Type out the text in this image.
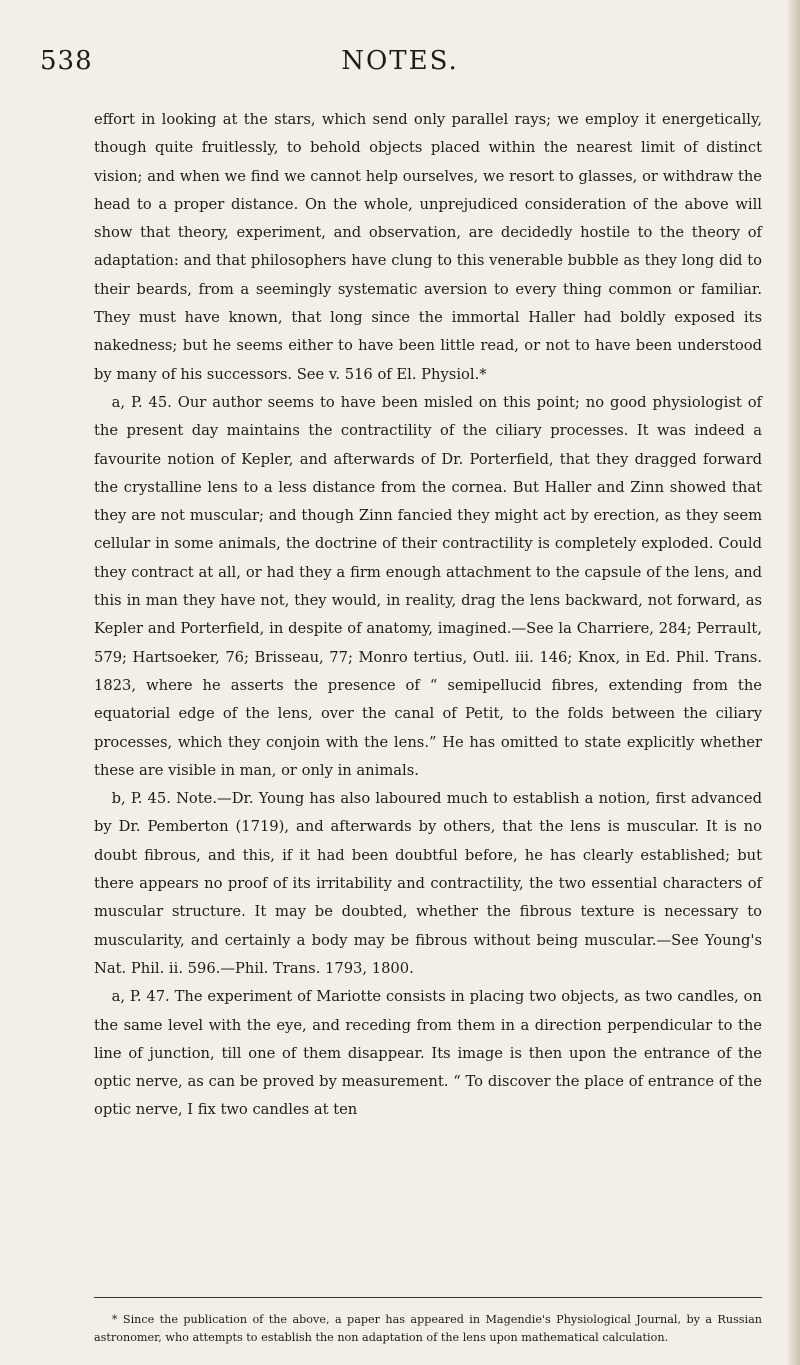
NOTES.
538

effort in looking at the stars, which send only parallel rays; we employ it energetically, though quite fruitlessly, to behold objects placed within the nearest limit of distinct vision; and when we find we cannot help ourselves, we resort to glasses, or withdraw the head to a proper distance. On the whole, unprejudiced consideration of the above will show that theory, experiment, and observation, are decidedly hostile to the theory of adaptation: and that philosophers have clung to this venerable bubble as they long did to their beards, from a seemingly systematic aversion to every thing common or familiar. They must have known, that long since the immortal Haller had boldly exposed its nakedness; but he seems either to have been little read, or not to have been understood by many of his successors. See v. 516 of El. Physiol.*

a, P. 45. Our author seems to have been misled on this point; no good physiologist of the present day maintains the contractility of the ciliary processes. It was indeed a favourite notion of Kepler, and afterwards of Dr. Porterfield, that they dragged forward the crystalline lens to a less distance from the cornea. But Haller and Zinn showed that they are not muscular; and though Zinn fancied they might act by erection, as they seem cellular in some animals, the doctrine of their contractility is completely exploded. Could they contract at all, or had they a firm enough attachment to the capsule of the lens, and this in man they have not, they would, in reality, drag the lens backward, not forward, as Kepler and Porterfield, in despite of anatomy, imagined.—See la Charriere, 284; Perrault, 579; Hartsoeker, 76; Brisseau, 77; Monro tertius, Outl. iii. 146; Knox, in Ed. Phil. Trans. 1823, where he asserts the presence of “ semipellucid fibres, extending from the equatorial edge of the lens, over the canal of Petit, to the folds between the ciliary processes, which they conjoin with the lens.” He has omitted to state explicitly whether these are visible in man, or only in animals.

b, P. 45. Note.—Dr. Young has also laboured much to establish a notion, first advanced by Dr. Pemberton (1719), and afterwards by others, that the lens is muscular. It is no doubt fibrous, and this, if it had been doubtful before, he has clearly established; but there appears no proof of its irritability and contractility, the two essential characters of muscular structure. It may be doubted, whether the fibrous texture is necessary to muscularity, and certainly a body may be fibrous without being muscular.—See Young's Nat. Phil. ii. 596.—Phil. Trans. 1793, 1800.

a, P. 47. The experiment of Mariotte consists in placing two objects, as two candles, on the same level with the eye, and receding from them in a direction perpendicular to the line of junction, till one of them disappear. Its image is then upon the entrance of the optic nerve, as can be proved by measurement. “ To discover the place of entrance of the optic nerve, I fix two candles at ten

* Since the publication of the above, a paper has appeared in Magendie's Physiological Journal, by a Russian astronomer, who attempts to establish the non adaptation of the lens upon mathematical calculation.
